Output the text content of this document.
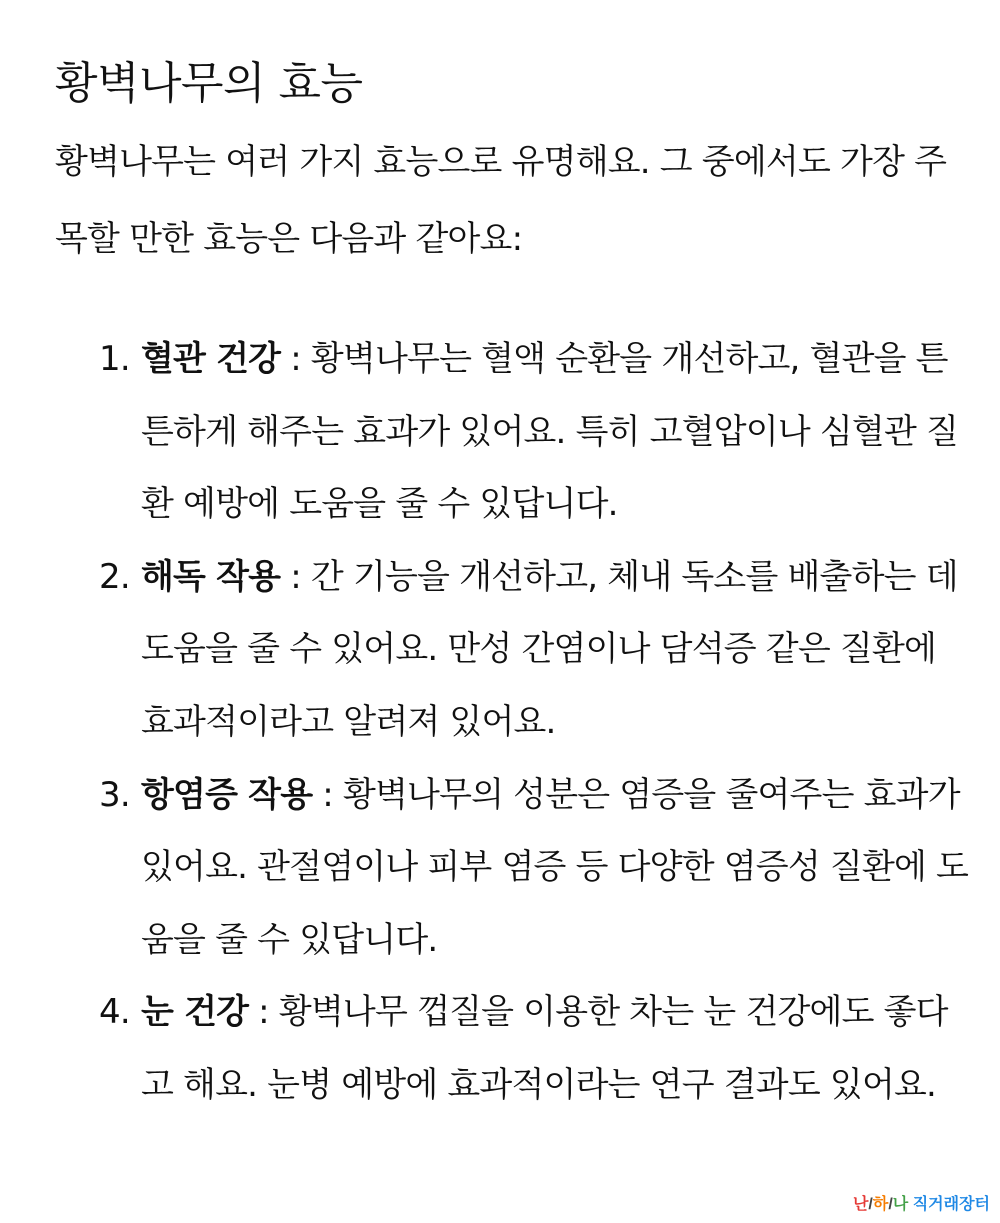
황벽나무의 효능

황벽나무는 여러 가지 효능으로 유명해요. 그 중에서도 가장 주목할 만한 효능은 다음과 같아요:

1. 혈관 건강 : 황벽나무는 혈액 순환을 개선하고, 혈관을 튼튼하게 해주는 효과가 있어요. 특히 고혈압이나 심혈관 질환 예방에 도움을 줄 수 있답니다.
2. 해독 작용 : 간 기능을 개선하고, 체내 독소를 배출하는 데 도움을 줄 수 있어요. 만성 간염이나 담석증 같은 질환에 효과적이라고 알려져 있어요.
3. 항염증 작용 : 황벽나무의 성분은 염증을 줄여주는 효과가 있어요. 관절염이나 피부 염증 등 다양한 염증성 질환에 도움을 줄 수 있답니다.
4. 눈 건강 : 황벽나무 껍질을 이용한 차는 눈 건강에도 좋다고 해요. 눈병 예방에 효과적이라는 연구 결과도 있어요.
난/하/나 직거래장터
